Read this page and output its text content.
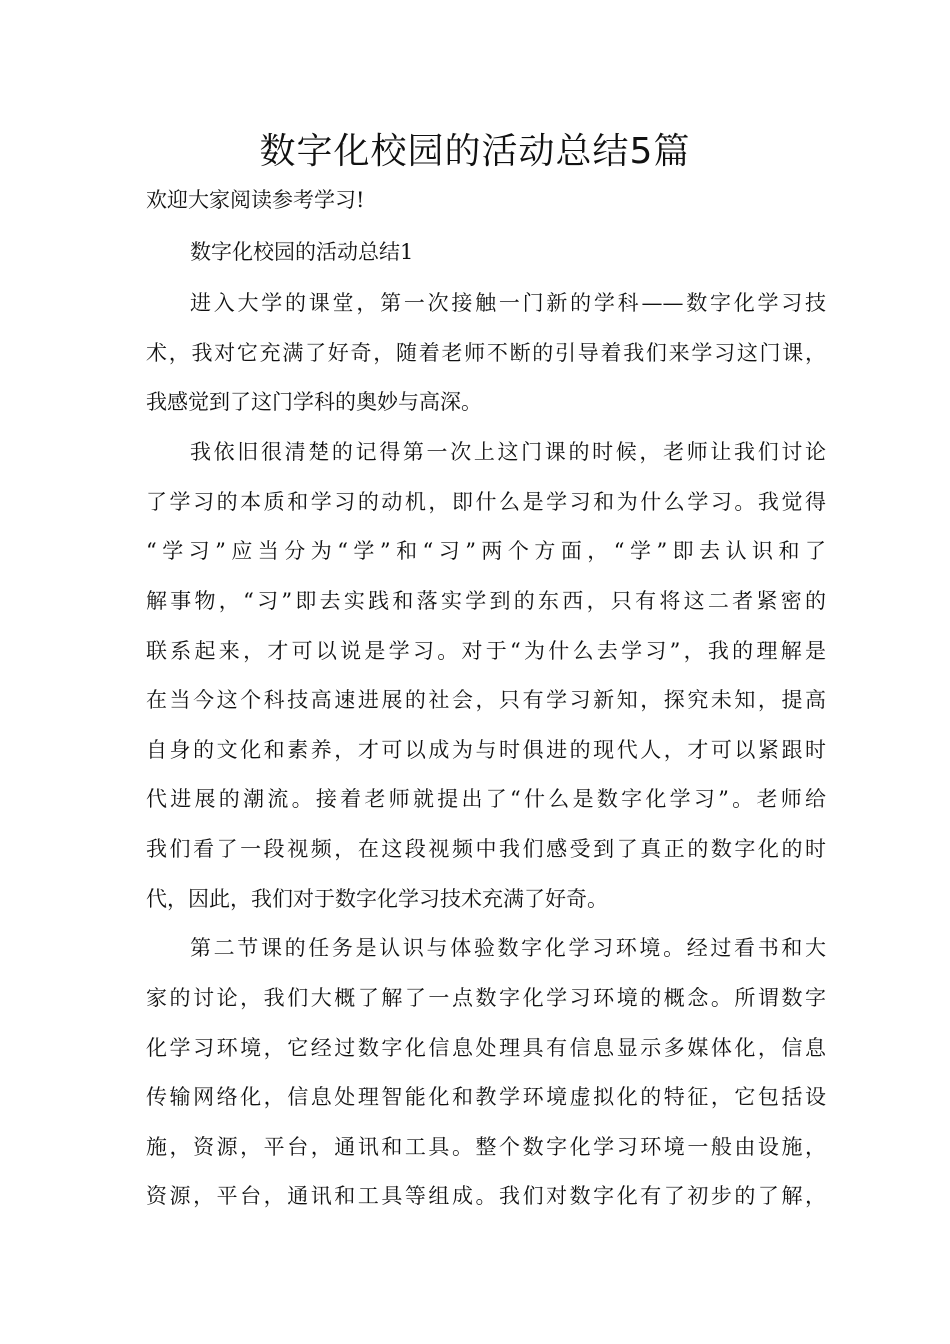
数字化校园的活动总结5篇
欢迎大家阅读参考学习!
数字化校园的活动总结1
进入大学的课堂，第一次接触一门新的学科——数字化学习技
术，我对它充满了好奇，随着老师不断的引导着我们来学习这门课，
我感觉到了这门学科的奥妙与高深。
我依旧很清楚的记得第一次上这门课的时候，老师让我们讨论
了学习的本质和学习的动机，即什么是学习和为什么学习。我觉得
“学习”应当分为“学”和“习”两个方面，“学”即去认识和了
解事物，“习”即去实践和落实学到的东西，只有将这二者紧密的
联系起来，才可以说是学习。对于“为什么去学习”，我的理解是
在当今这个科技高速进展的社会，只有学习新知，探究未知，提高
自身的文化和素养，才可以成为与时俱进的现代人，才可以紧跟时
代进展的潮流。接着老师就提出了“什么是数字化学习”。老师给
我们看了一段视频，在这段视频中我们感受到了真正的数字化的时
代，因此，我们对于数字化学习技术充满了好奇。
第二节课的任务是认识与体验数字化学习环境。经过看书和大
家的讨论，我们大概了解了一点数字化学习环境的概念。所谓数字
化学习环境，它经过数字化信息处理具有信息显示多媒体化，信息
传输网络化，信息处理智能化和教学环境虚拟化的特征，它包括设
施，资源，平台，通讯和工具。整个数字化学习环境一般由设施，
资源，平台，通讯和工具等组成。我们对数字化有了初步的了解，
